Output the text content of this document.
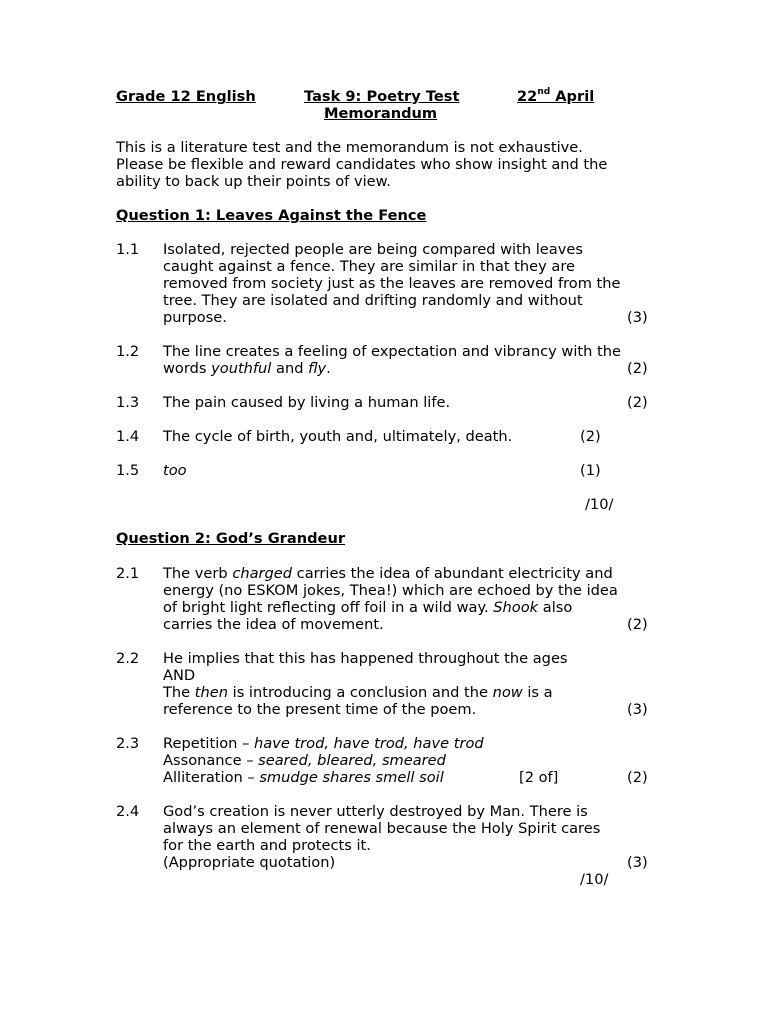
Grade 12 English	Task 9: Poetry Test	22nd April
Memorandum
This is a literature test and the memorandum is not exhaustive.
Please be flexible and reward candidates who show insight and the
ability to back up their points of view.
Question 1: Leaves Against the Fence
1.1 Isolated, rejected people are being compared with leaves
caught against a fence. They are similar in that they are
removed from society just as the leaves are removed from the
tree. They are isolated and drifting randomly and without
purpose.	(3)
1.2 The line creates a feeling of expectation and vibrancy with the
words youthful and fly.	(2)
1.3 The pain caused by living a human life.	(2)
1.4 The cycle of birth, youth and, ultimately, death.	(2)
1.5 too	(1)
/10/
Question 2: God’s Grandeur
2.1 The verb charged carries the idea of abundant electricity and
energy (no ESKOM jokes, Thea!) which are echoed by the idea
of bright light reflecting off foil in a wild way. Shook also
carries the idea of movement.	(2)
2.2 He implies that this has happened throughout the ages
AND
The then is introducing a conclusion and the now is a
reference to the present time of the poem.	(3)
2.3 Repetition – have trod, have trod, have trod
Assonance – seared, bleared, smeared
Alliteration – smudge shares smell soil	[2 of]	(2)
2.4 God’s creation is never utterly destroyed by Man. There is
always an element of renewal because the Holy Spirit cares
for the earth and protects it.
(Appropriate quotation)	(3)
/10/
